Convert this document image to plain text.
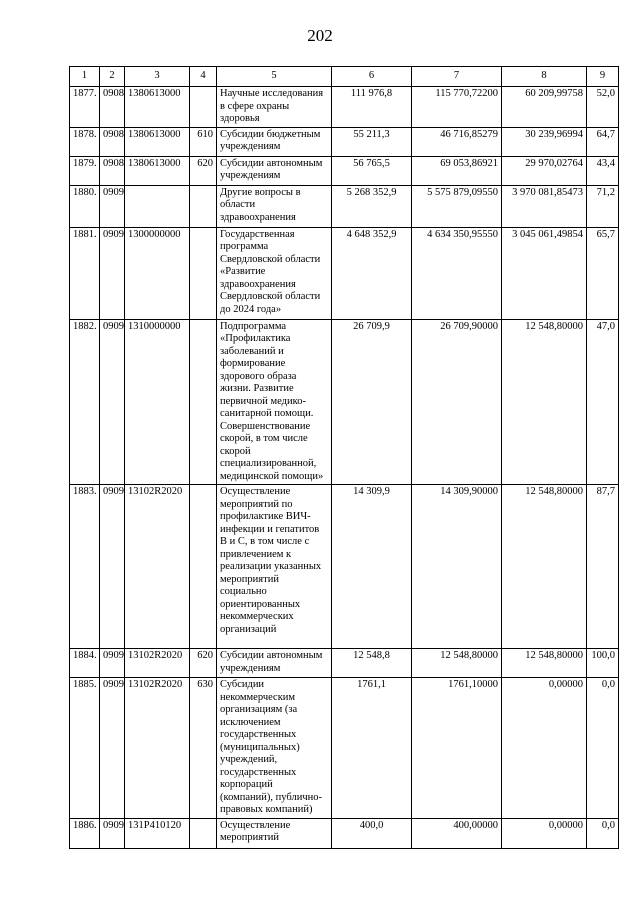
202
1	2	3	4	5	6	7	8	9
1877.	0908	1380613000		Научные исследования в сфере охраны здоровья	111 976,8	115 770,72200	60 209,99758	52,0
1878.	0908	1380613000	610	Субсидии бюджетным учреждениям	55 211,3	46 716,85279	30 239,96994	64,7
1879.	0908	1380613000	620	Субсидии автономным учреждениям	56 765,5	69 053,86921	29 970,02764	43,4
1880.	0909			Другие вопросы в области здравоохранения	5 268 352,9	5 575 879,09550	3 970 081,85473	71,2
1881.	0909	1300000000		Государственная программа Свердловской области «Развитие здравоохранения Свердловской области до 2024 года»	4 648 352,9	4 634 350,95550	3 045 061,49854	65,7
1882.	0909	1310000000		Подпрограмма «Профилактика заболеваний и формирование здорового образа жизни. Развитие первичной медико-санитарной помощи. Совершенствование скорой, в том числе скорой специализированной, медицинской помощи»	26 709,9	26 709,90000	12 548,80000	47,0
1883.	0909	13102R2020		Осуществление мероприятий по профилактике ВИЧ-инфекции и гепатитов B и C, в том числе с привлечением к реализации указанных мероприятий социально ориентированных некоммерческих организаций	14 309,9	14 309,90000	12 548,80000	87,7
1884.	0909	13102R2020	620	Субсидии автономным учреждениям	12 548,8	12 548,80000	12 548,80000	100,0
1885.	0909	13102R2020	630	Субсидии некоммерческим организациям (за исключением государственных (муниципальных) учреждений, государственных корпораций (компаний), публично-правовых компаний)	1761,1	1761,10000	0,00000	0,0
1886.	0909	131P410120		Осуществление мероприятий	400,0	400,00000	0,00000	0,0
